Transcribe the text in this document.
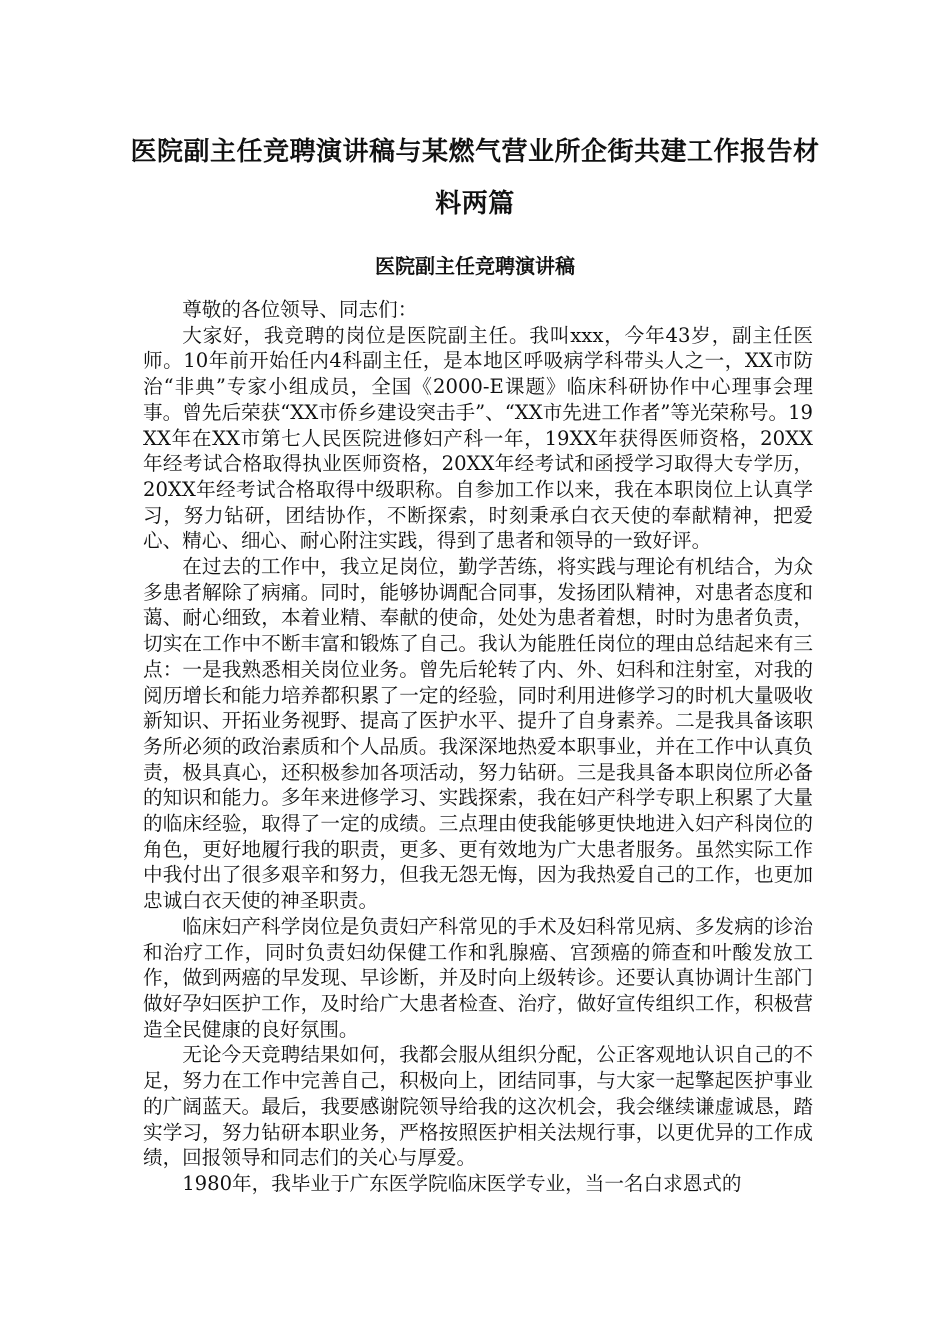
医院副主任竞聘演讲稿与某燃气营业所企街共建工作报告材料两篇
医院副主任竞聘演讲稿

尊敬的各位领导、同志们：

大家好，我竞聘的岗位是医院副主任。我叫xxx，今年43岁，副主任医师。10年前开始任内4科副主任，是本地区呼吸病学科带头人之一，XX市防治“非典”专家小组成员，全国《2000-E课题》临床科研协作中心理事会理事。曾先后荣获“XX市侨乡建设突击手”、“XX市先进工作者”等光荣称号。19XX年在XX市第七人民医院进修妇产科一年，19XX年获得医师资格，20XX年经考试合格取得执业医师资格，20XX年经考试和函授学习取得大专学历，20XX年经考试合格取得中级职称。自参加工作以来，我在本职岗位上认真学习，努力钻研，团结协作，不断探索，时刻秉承白衣天使的奉献精神，把爱心、精心、细心、耐心附注实践，得到了患者和领导的一致好评。

在过去的工作中，我立足岗位，勤学苦练，将实践与理论有机结合，为众多患者解除了病痛。同时，能够协调配合同事，发扬团队精神，对患者态度和蔼、耐心细致，本着业精、奉献的使命，处处为患者着想，时时为患者负责，切实在工作中不断丰富和锻炼了自己。我认为能胜任岗位的理由总结起来有三点：一是我熟悉相关岗位业务。曾先后轮转了内、外、妇科和注射室，对我的阅历增长和能力培养都积累了一定的经验，同时利用进修学习的时机大量吸收新知识、开拓业务视野、提高了医护水平、提升了自身素养。二是我具备该职务所必须的政治素质和个人品质。我深深地热爱本职事业，并在工作中认真负责，极具真心，还积极参加各项活动，努力钻研。三是我具备本职岗位所必备的知识和能力。多年来进修学习、实践探索，我在妇产科学专职上积累了大量的临床经验，取得了一定的成绩。三点理由使我能够更快地进入妇产科岗位的角色，更好地履行我的职责，更多、更有效地为广大患者服务。虽然实际工作中我付出了很多艰辛和努力，但我无怨无悔，因为我热爱自己的工作，也更加忠诚白衣天使的神圣职责。

临床妇产科学岗位是负责妇产科常见的手术及妇科常见病、多发病的诊治和治疗工作，同时负责妇幼保健工作和乳腺癌、宫颈癌的筛查和叶酸发放工作，做到两癌的早发现、早诊断，并及时向上级转诊。还要认真协调计生部门做好孕妇医护工作，及时给广大患者检查、治疗，做好宣传组织工作，积极营造全民健康的良好氛围。

无论今天竞聘结果如何，我都会服从组织分配，公正客观地认识自己的不足，努力在工作中完善自己，积极向上，团结同事，与大家一起擎起医护事业的广阔蓝天。最后，我要感谢院领导给我的这次机会，我会继续谦虚诚恳，踏实学习，努力钻研本职业务，严格按照医护相关法规行事，以更优异的工作成绩，回报领导和同志们的关心与厚爱。

1980年，我毕业于广东医学院临床医学专业，当一名白求恩式的
